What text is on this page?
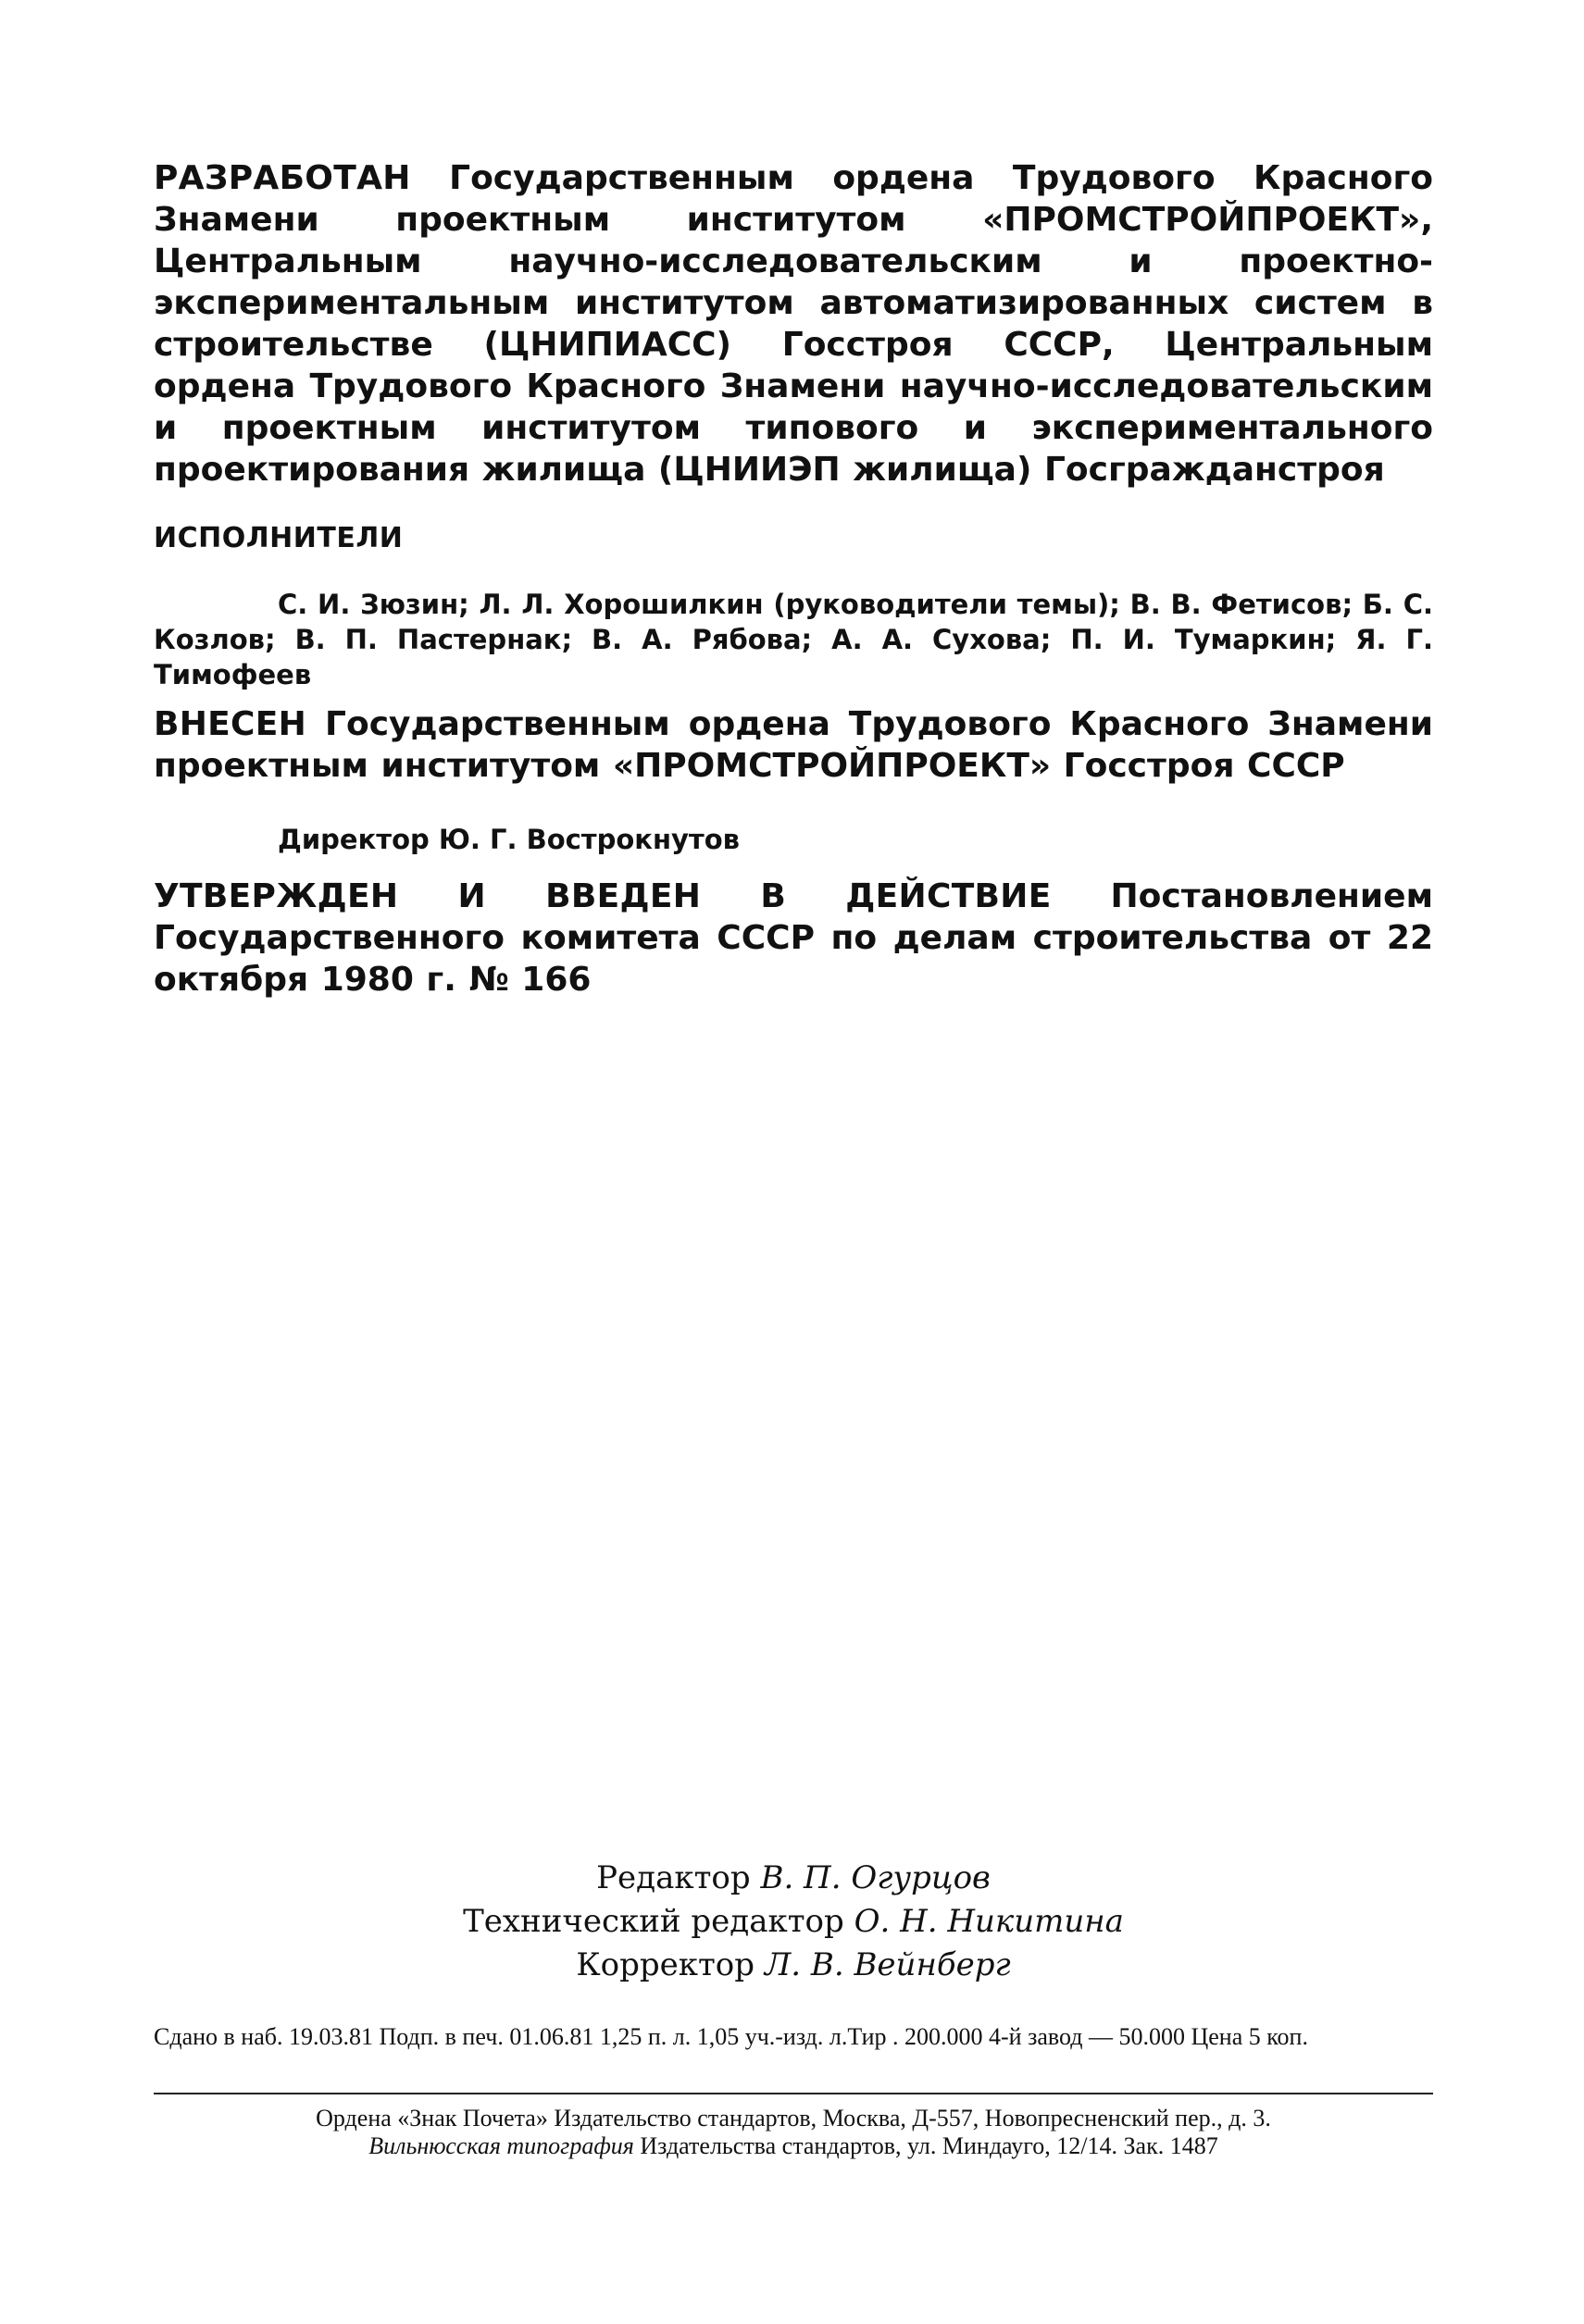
РАЗРАБОТАН Государственным ордена Трудового Красного Знамени проектным институтом «ПРОМСТРОЙПРОЕКТ», Центральным научно-исследовательским и проектно-экспериментальным институтом автоматизированных систем в строительстве (ЦНИПИАСС) Госстроя СССР, Центральным ордена Трудового Красного Знамени научно-исследовательским и проектным институтом типового и экспериментального проектирования жилища (ЦНИИЭП жилища) Госгражданстроя
ИСПОЛНИТЕЛИ
С. И. Зюзин; Л. Л. Хорошилкин (руководители темы); В. В. Фетисов; Б. С. Козлов; В. П. Пастернак; В. А. Рябова; А. А. Сухова; П. И. Тумаркин; Я. Г. Тимофеев
ВНЕСЕН Государственным ордена Трудового Красного Знамени проектным институтом «ПРОМСТРОЙПРОЕКТ» Госстроя СССР
Директор Ю. Г. Вострокнутов
УТВЕРЖДЕН И ВВЕДЕН В ДЕЙСТВИЕ Постановлением Государственного комитета СССР по делам строительства от 22 октября 1980 г. № 166
Редактор В. П. Огурцов
Технический редактор О. Н. Никитина
Корректор Л. В. Вейнберг
Сдано в наб. 19.03.81 Подп. в печ. 01.06.81 1,25 п. л. 1,05 уч.-изд. л.Тир . 200.000 4-й завод — 50.000 Цена 5 коп.
Ордена «Знак Почета» Издательство стандартов, Москва, Д-557, Новопресненский пер., д. 3.
Вильнюсская типография Издательства стандартов, ул. Миндауго, 12/14. Зак. 1487
